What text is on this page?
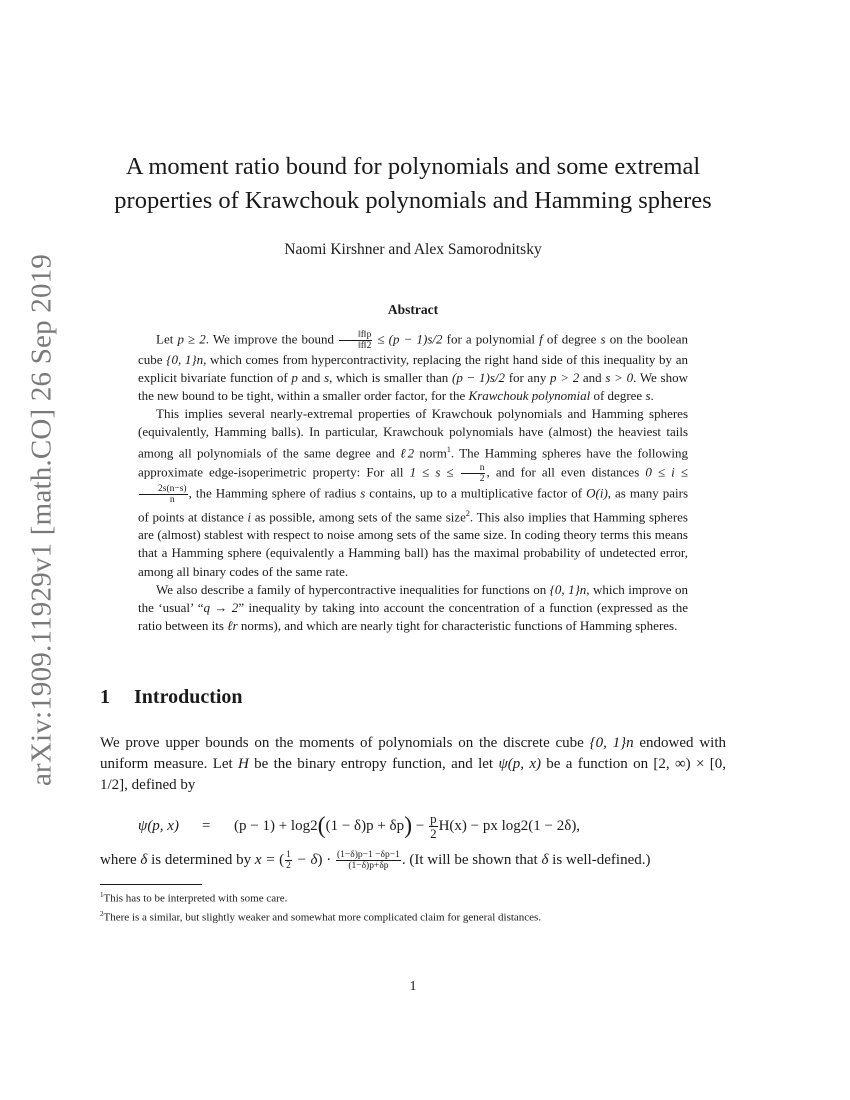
arXiv:1909.11929v1 [math.CO] 26 Sep 2019
A moment ratio bound for polynomials and some extremal properties of Krawchouk polynomials and Hamming spheres
Naomi Kirshner and Alex Samorodnitsky
Abstract

Let p ≥ 2. We improve the bound $\frac{‖f‖p}{‖f‖2} \le (p - 1)s/2$ for a polynomial f of degree s on the boolean cube {0, 1}n, which comes from hypercontractivity, replacing the right hand side of this inequality by an explicit bivariate function of p and s, which is smaller than (p − 1)s/2 for any p > 2 and s > 0. We show the new bound to be tight, within a smaller order factor, for the Krawchouk polynomial of degree s.

This implies several nearly-extremal properties of Krawchouk polynomials and Hamming spheres (equivalently, Hamming balls). In particular, Krawchouk polynomials have (almost) the heaviest tails among all polynomials of the same degree and ℓ2 norm$^1$. The Hamming spheres have the following approximate edge-isoperimetric property: For all $1 \le s \le \frac{n}{2}$ , and for all even distances 0 ≤ i ≤
$\frac{2s(n-s)}{n}$ , the Hamming sphere of radius s contains, up to a multiplicative factor of O(i), as many pairs of points at distance i as possible, among sets of the same size$^2$. This also implies that Hamming spheres are (almost) stablest with respect to noise among sets of the same size. In coding theory terms this means that a Hamming sphere (equivalently a Hamming ball) has the maximal probability of undetected error, among all binary codes of the same rate.

We also describe a family of hypercontractive inequalities for functions on {0, 1}n, which improve on the ‘usual’ “q → 2” inequality by taking into account the concentration of a function (expressed as the ratio between its ℓr norms), and which are nearly tight for characteristic functions of Hamming spheres.

1 Introduction

We prove upper bounds on the moments of polynomials on the discrete cube {0, 1}n endowed with uniform measure. Let H be the binary entropy function, and let ψ(p, x) be a function on [2, ∞) × [0, 1/2], defined by

ψ(p, $x) = (p - 1) + \log 2((1 - \delta)p + \delta p) - \frac{p}{2} H(x)$ − px log2(1 − 2δ),
where δ is determined by x = ( $\frac{1}{2} - \delta) \cdot \frac{(1-\delta)p-1 -\delta p-1}{(1-\delta)p+\delta p}$ . (It will be shown that δ is well-defined.)
$^1$This has to be interpreted with some care.
$^2$There is a similar, but slightly weaker and somewhat more complicated claim for general distances.
1
